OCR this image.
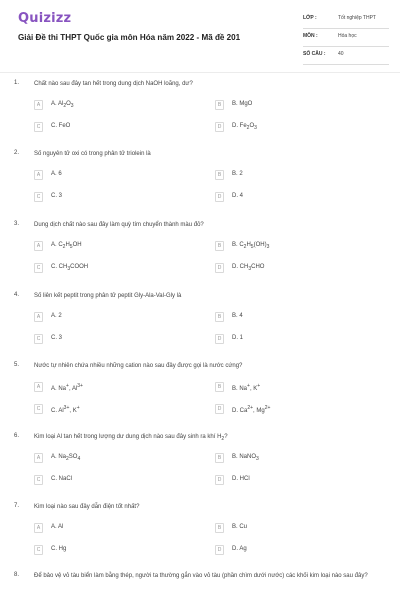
Quizizz
Giải Đề thi THPT Quốc gia môn Hóa năm 2022 - Mã đề 201
LỚP :	Tốt nghiệp THPT
MÔN :	Hóa học
SỐ CÂU :	40
1. Chất nào sau đây tan hết trong dung dịch NaOH loãng, dư?
A	A. $Al_2O_3$	B	B. MgO
C	C. FeO	D	D. $Fe_2O_3$
2. Số nguyên tử oxi có trong phân tử triolein là
A	A. 6	B	B. 2
C	C. 3	D	D. 4
3. Dung dịch chất nào sau đây làm quỳ tím chuyển thành màu đỏ?
A	A. $C_2H_5OH$	B	B. $C_2H_5(OH)_3$
C	C. $CH_3COOH$	D	D. $CH_3CHO$
4. Số liên kết peptit trong phân tử peptit Gly-Ala-Val-Gly là
A	A. 2	B	B. 4
C	C. 3	D	D. 1
5. Nước tự nhiên chứa nhiều những cation nào sau đây được gọi là nước cứng?
A	A. Na+, $Al^{3+}$	B	B. Na+, K+
C	C. $Al^{3+}$, K+	D	D. $Ca^{2+}$, $Mg^{2+}$
6. Kim loại Al tan hết trong lượng dư dung dịch nào sau đây sinh ra khí $H_2$?
A	A. $Na_2SO_4$	B	B. NaNO$_3$
C	C. NaCl	D	D. HCl
7. Kim loại nào sau đây dẫn điện tốt nhất?
A	A. Al	B	B. Cu
C	C. Hg	D	D. Ag
8. Để bảo vệ vỏ tàu biển làm bằng thép, người ta thường gắn vào vỏ tàu (phần chìm dưới nước) các khối kim loại nào sau đây?
